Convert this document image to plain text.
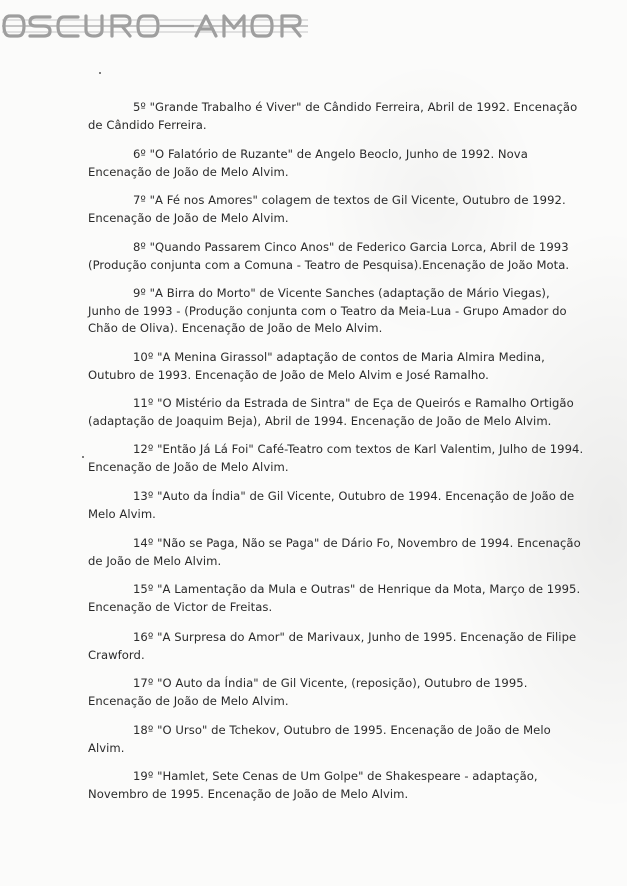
OSCURO AMOR

5º "Grande Trabalho é Viver" de Cândido Ferreira, Abril de 1992. Encenação de Cândido Ferreira.

6º "O Falatório de Ruzante" de Angelo Beoclo, Junho de 1992. Nova Encenação de João de Melo Alvim.

7º "A Fé nos Amores" colagem de textos de Gil Vicente, Outubro de 1992. Encenação de João de Melo Alvim.

8º "Quando Passarem Cinco Anos" de Federico Garcia Lorca, Abril de 1993 (Produção conjunta com a Comuna - Teatro de Pesquisa).Encenação de João Mota.

9º "A Birra do Morto" de Vicente Sanches (adaptação de Mário Viegas), Junho de 1993 - (Produção conjunta com o Teatro da Meia-Lua - Grupo Amador do Chão de Oliva). Encenação de João de Melo Alvim.

10º "A Menina Girassol" adaptação de contos de Maria Almira Medina, Outubro de 1993. Encenação de João de Melo Alvim e José Ramalho.

11º "O Mistério da Estrada de Sintra" de Eça de Queirós e Ramalho Ortigão (adaptação de Joaquim Beja), Abril de 1994. Encenação de João de Melo Alvim.

12º "Então Já Lá Foi" Café-Teatro com textos de Karl Valentim, Julho de 1994. Encenação de João de Melo Alvim.

13º "Auto da Índia" de Gil Vicente, Outubro de 1994. Encenação de João de Melo Alvim.

14º "Não se Paga, Não se Paga" de Dário Fo, Novembro de 1994. Encenação de João de Melo Alvim.

15º "A Lamentação da Mula e Outras" de Henrique da Mota, Março de 1995. Encenação de Victor de Freitas.

16º "A Surpresa do Amor" de Marivaux, Junho de 1995. Encenação de Filipe Crawford.

17º "O Auto da Índia" de Gil Vicente, (reposição), Outubro de 1995. Encenação de João de Melo Alvim.

18º "O Urso" de Tchekov, Outubro de 1995. Encenação de João de Melo Alvim.

19º "Hamlet, Sete Cenas de Um Golpe" de Shakespeare - adaptação, Novembro de 1995. Encenação de João de Melo Alvim.
